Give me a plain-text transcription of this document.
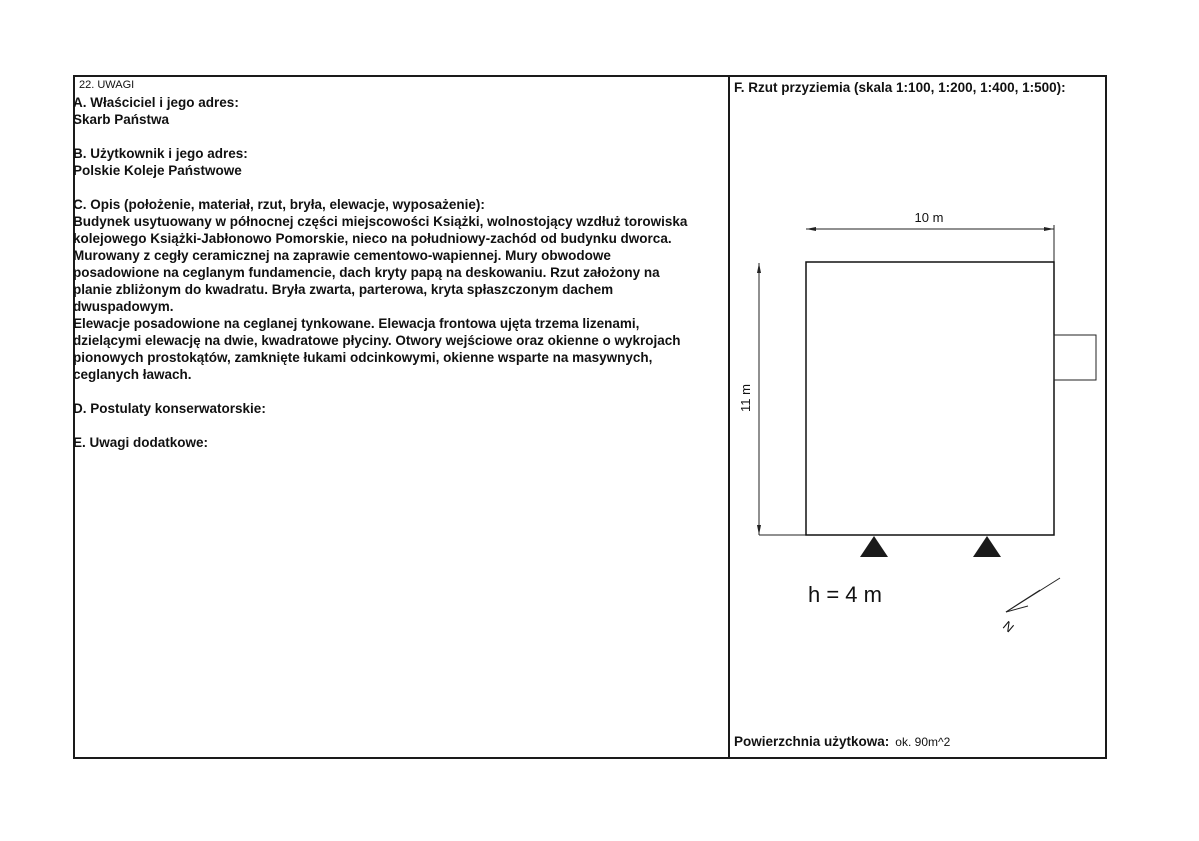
22. UWAGI
A. Właściciel i jego adres:
Skarb Państwa
B. Użytkownik i jego adres:
Polskie Koleje Państwowe
C. Opis (położenie, materiał, rzut, bryła, elewacje, wyposażenie):
Budynek usytuowany w północnej części miejscowości Książki, wolnostojący wzdłuż torowiska
kolejowego Książki-Jabłonowo Pomorskie, nieco na południowy-zachód od budynku dworca.
Murowany z cegły ceramicznej na zaprawie cementowo-wapiennej. Mury obwodowe
posadowione na ceglanym fundamencie, dach kryty papą na deskowaniu. Rzut założony na
planie zbliżonym do kwadratu. Bryła zwarta, parterowa, kryta spłaszczonym dachem
dwuspadowym.
Elewacje posadowione na ceglanej tynkowane. Elewacja frontowa ujęta trzema lizenami,
dzielącymi elewację na dwie, kwadratowe płyciny. Otwory wejściowe oraz okienne o wykrojach
pionowych prostokątów, zamknięte łukami odcinkowymi, okienne wsparte na masywnych,
ceglanych ławach.
D. Postulaty konserwatorskie:
E. Uwagi dodatkowe:
F. Rzut przyziemia (skala 1:100, 1:200, 1:400, 1:500):
10 m
11 m
h = 4 m
N
Powierzchnia użytkowa: ok. 90m^2
